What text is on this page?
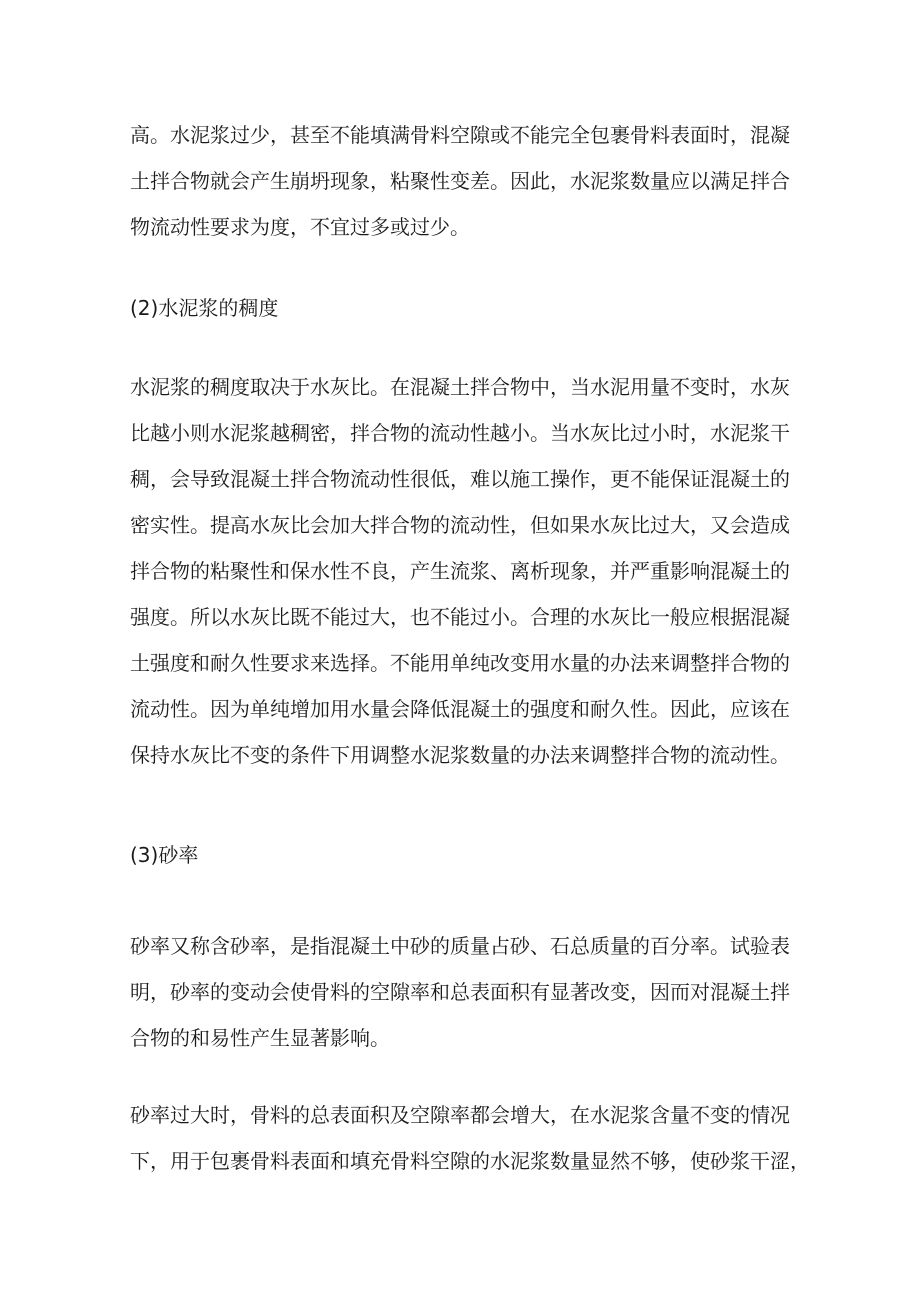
高。水泥浆过少，甚至不能填满骨料空隙或不能完全包裹骨料表面时，混凝
土拌合物就会产生崩坍现象，粘聚性变差。因此，水泥浆数量应以满足拌合
物流动性要求为度，不宜过多或过少。
(2)水泥浆的稠度
水泥浆的稠度取决于水灰比。在混凝土拌合物中，当水泥用量不变时，水灰
比越小则水泥浆越稠密，拌合物的流动性越小。当水灰比过小时，水泥浆干
稠，会导致混凝土拌合物流动性很低，难以施工操作，更不能保证混凝土的
密实性。提高水灰比会加大拌合物的流动性，但如果水灰比过大，又会造成
拌合物的粘聚性和保水性不良，产生流浆、离析现象，并严重影响混凝土的
强度。所以水灰比既不能过大，也不能过小。合理的水灰比一般应根据混凝
土强度和耐久性要求来选择。不能用单纯改变用水量的办法来调整拌合物的
流动性。因为单纯增加用水量会降低混凝土的强度和耐久性。因此，应该在
保持水灰比不变的条件下用调整水泥浆数量的办法来调整拌合物的流动性。
(3)砂率
砂率又称含砂率，是指混凝土中砂的质量占砂、石总质量的百分率。试验表
明，砂率的变动会使骨料的空隙率和总表面积有显著改变，因而对混凝土拌
合物的和易性产生显著影响。
砂率过大时，骨料的总表面积及空隙率都会增大，在水泥浆含量不变的情况
下，用于包裹骨料表面和填充骨料空隙的水泥浆数量显然不够，使砂浆干涩，
